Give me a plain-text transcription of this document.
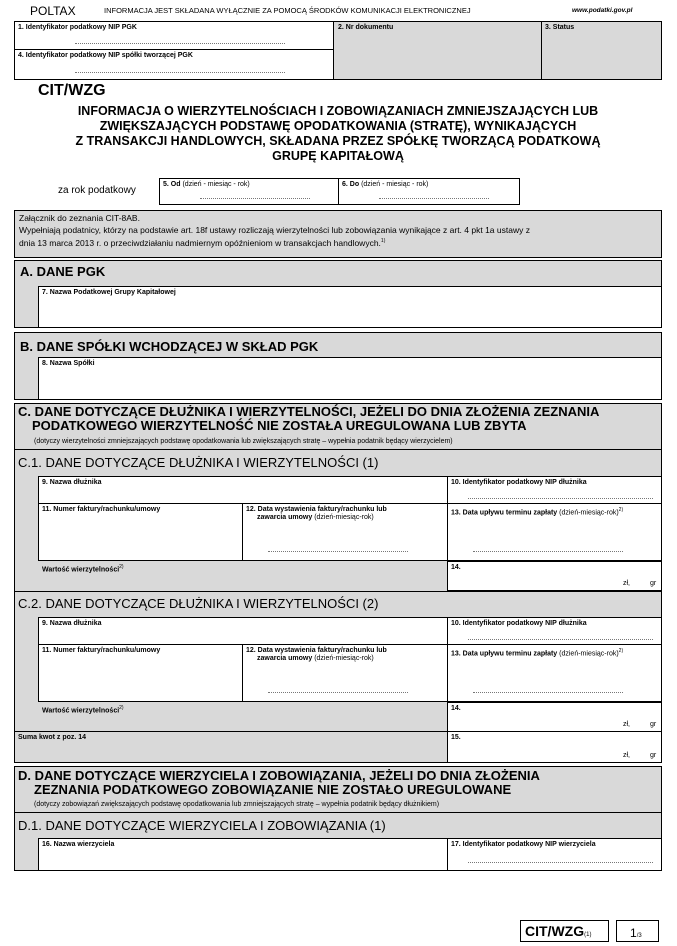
POLTAX	INFORMACJA JEST SKŁADANA WYŁĄCZNIE ZA POMOCĄ ŚRODKÓW KOMUNIKACJI ELEKTRONICZNEJ	www.podatki.gov.pl
1. Identyfikator podatkowy NIP PGK
4. Identyfikator podatkowy NIP spółki tworzącej PGK
2. Nr dokumentu	3. Status
CIT/WZG
INFORMACJA O WIERZYTELNOŚCIACH I ZOBOWIĄZANIACH ZMNIEJSZAJĄCYCH LUB
ZWIĘKSZAJĄCYCH PODSTAWĘ OPODATKOWANIA (STRATĘ), WYNIKAJĄCYCH
Z TRANSAKCJI HANDLOWYCH, SKŁADANA PRZEZ SPÓŁKĘ TWORZĄCĄ PODATKOWĄ
GRUPĘ KAPITAŁOWĄ
za rok podatkowy
5. Od (dzień - miesiąc - rok)	6. Do (dzień - miesiąc - rok)
Załącznik do zeznania CIT-8AB.
Wypełniają podatnicy, którzy na podstawie art. 18f ustawy rozliczają wierzytelności lub zobowiązania wynikające z art. 4 pkt 1a ustawy z
dnia 13 marca 2013 r. o przeciwdziałaniu nadmiernym opóźnieniom w transakcjach handlowych.$^{1)}$
A. DANE PGK
7. Nazwa Podatkowej Grupy Kapitałowej
B. DANE SPÓŁKI WCHODZĄCEJ W SKŁAD PGK
8. Nazwa Spółki
C. DANE DOTYCZĄCE DŁUŻNIKA I WIERZYTELNOŚCI, JEŻELI DO DNIA ZŁOŻENIA ZEZNANIA
PODATKOWEGO WIERZYTELNOŚĆ NIE ZOSTAŁA UREGULOWANA LUB ZBYTA
(dotyczy wierzytelności zmniejszających podstawę opodatkowania lub zwiększających stratę – wypełnia podatnik będący wierzycielem)
C.1. DANE DOTYCZĄCE DŁUŻNIKA I WIERZYTELNOŚCI (1)
9. Nazwa dłużnika	10. Identyfikator podatkowy NIP dłużnika
11. Numer faktury/rachunku/umowy	12. Data wystawienia faktury/rachunku lub
zawarcia umowy (dzień-miesiąc-rok)
13. Data upływu terminu zapłaty (dzień-miesiąc-rok)$^{2)}$
Wartość wierzytelności$^{2)}$	14.
zł,	gr
C.2. DANE DOTYCZĄCE DŁUŻNIKA I WIERZYTELNOŚCI (2)
9. Nazwa dłużnika	10. Identyfikator podatkowy NIP dłużnika
11. Numer faktury/rachunku/umowy	12. Data wystawienia faktury/rachunku lub
zawarcia umowy (dzień-miesiąc-rok)
13. Data upływu terminu zapłaty (dzień-miesiąc-rok)$^{2)}$
Wartość wierzytelności$^{2)}$	14.
zł,	gr
Suma kwot z poz. 14	15.
zł,	gr
D. DANE DOTYCZĄCE WIERZYCIELA I ZOBOWIĄZANIA, JEŻELI DO DNIA ZŁOŻENIA
ZEZNANIA PODATKOWEGO ZOBOWIĄZANIE NIE ZOSTAŁO UREGULOWANE
(dotyczy zobowiązań zwiększających podstawę opodatkowania lub zmniejszających stratę – wypełnia podatnik będący dłużnikiem)
D.1. DANE DOTYCZĄCE WIERZYCIELA I ZOBOWIĄZANIA (1)
16. Nazwa wierzyciela	17. Identyfikator podatkowy NIP wierzyciela
CIT/WZG(1)	1/3
